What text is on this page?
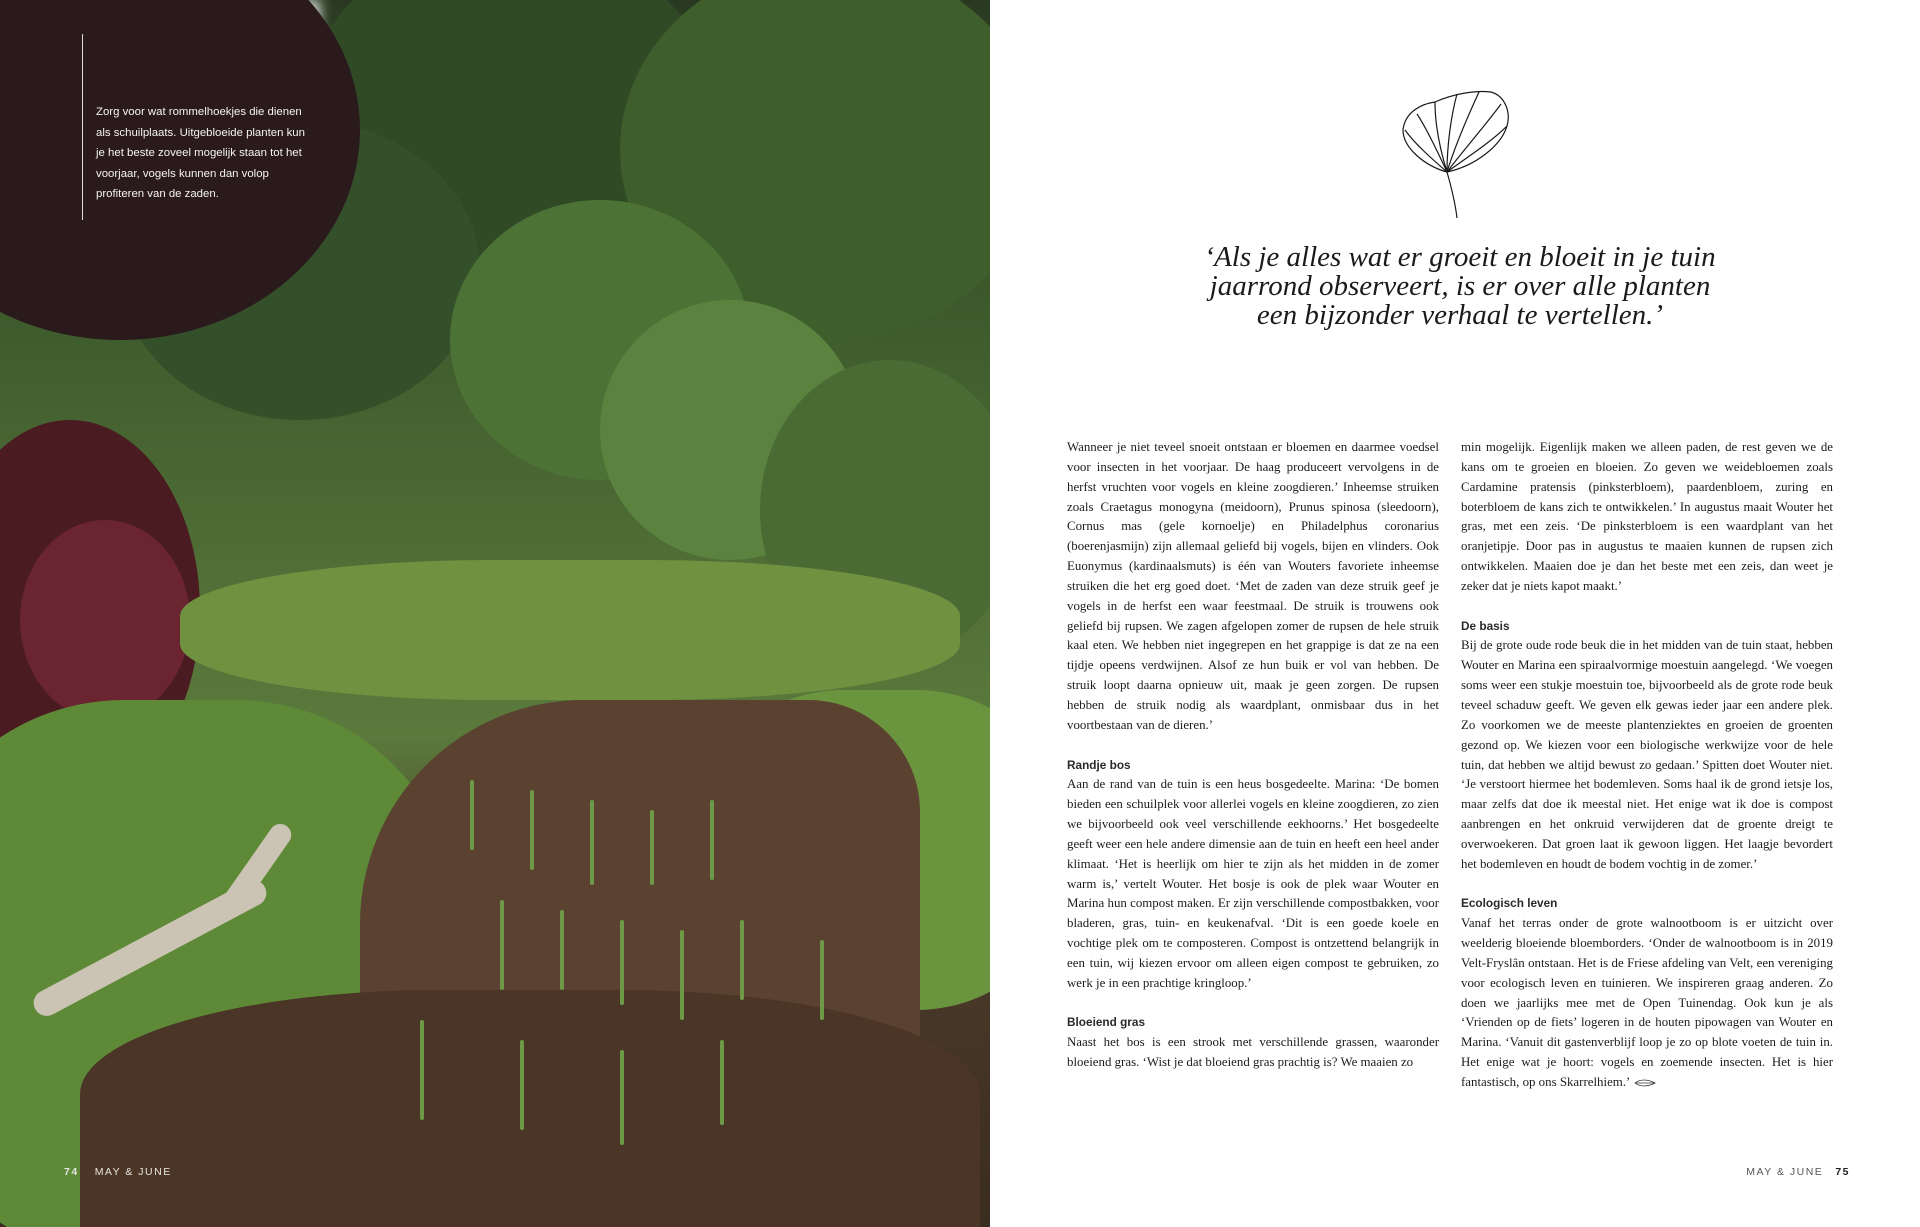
Zorg voor wat rommelhoekjes die dienen als schuilplaats. Uitgebloeide planten kun je het beste zoveel mogelijk staan tot het voorjaar, vogels kunnen dan volop profiteren van de zaden.
74 MAY & JUNE
‘Als je alles wat er groeit en bloeit in je tuin
jaarrond observeert, is er over alle planten
een bijzonder verhaal te vertellen.’

Wanneer je niet teveel snoeit ontstaan er bloemen en daarmee voedsel voor insecten in het voorjaar. De haag produceert vervolgens in de herfst vruchten voor vogels en kleine zoogdieren.’ Inheemse struiken zoals Craetagus monogyna (meidoorn), Prunus spinosa (sleedoorn), Cornus mas (gele kornoelje) en Philadelphus coronarius (boerenjasmijn) zijn allemaal geliefd bij vogels, bijen en vlinders. Ook Euonymus (kardinaalsmuts) is één van Wouters favoriete inheemse struiken die het erg goed doet. ‘Met de zaden van deze struik geef je vogels in de herfst een waar feestmaal. De struik is trouwens ook geliefd bij rupsen. We zagen afgelopen zomer de rupsen de hele struik kaal eten. We hebben niet ingegrepen en het grappige is dat ze na een tijdje opeens verdwijnen. Alsof ze hun buik er vol van hebben. De struik loopt daarna opnieuw uit, maak je geen zorgen. De rupsen hebben de struik nodig als waardplant, onmisbaar dus in het voortbestaan van de dieren.’

Randje bos

Aan de rand van de tuin is een heus bosgedeelte. Marina: ‘De bomen bieden een schuilplek voor allerlei vogels en kleine zoogdieren, zo zien we bijvoorbeeld ook veel verschillende eekhoorns.’ Het bosgedeelte geeft weer een hele andere dimensie aan de tuin en heeft een heel ander klimaat. ‘Het is heerlijk om hier te zijn als het midden in de zomer warm is,’ vertelt Wouter. Het bosje is ook de plek waar Wouter en Marina hun compost maken. Er zijn verschillende compostbakken, voor bladeren, gras, tuin- en keukenafval. ‘Dit is een goede koele en vochtige plek om te composteren. Compost is ontzettend belangrijk in een tuin, wij kiezen ervoor om alleen eigen compost te gebruiken, zo werk je in een prachtige kringloop.’

Bloeiend gras

Naast het bos is een strook met verschillende grassen, waaronder bloeiend gras. ‘Wist je dat bloeiend gras prachtig is? We maaien zo

min mogelijk. Eigenlijk maken we alleen paden, de rest geven we de kans om te groeien en bloeien. Zo geven we weidebloemen zoals Cardamine pratensis (pinksterbloem), paardenbloem, zuring en boterbloem de kans zich te ontwikkelen.’ In augustus maait Wouter het gras, met een zeis. ‘De pinksterbloem is een waardplant van het oranjetipje. Door pas in augustus te maaien kunnen de rupsen zich ontwikkelen. Maaien doe je dan het beste met een zeis, dan weet je zeker dat je niets kapot maakt.’

De basis

Bij de grote oude rode beuk die in het midden van de tuin staat, hebben Wouter en Marina een spiraalvormige moestuin aangelegd. ‘We voegen soms weer een stukje moestuin toe, bijvoorbeeld als de grote rode beuk teveel schaduw geeft. We geven elk gewas ieder jaar een andere plek. Zo voorkomen we de meeste plantenziektes en groeien de groenten gezond op. We kiezen voor een biologische werkwijze voor de hele tuin, dat hebben we altijd bewust zo gedaan.’ Spitten doet Wouter niet. ‘Je verstoort hiermee het bodemleven. Soms haal ik de grond ietsje los, maar zelfs dat doe ik meestal niet. Het enige wat ik doe is compost aanbrengen en het onkruid verwijderen dat de groente dreigt te overwoekeren. Dat groen laat ik gewoon liggen. Het laagje bevordert het bodemleven en houdt de bodem vochtig in de zomer.’

Ecologisch leven

Vanaf het terras onder de grote walnootboom is er uitzicht over weelderig bloeiende bloemborders. ‘Onder de walnootboom is in 2019 Velt-Fryslân ontstaan. Het is de Friese afdeling van Velt, een vereniging voor ecologisch leven en tuinieren. We inspireren graag anderen. Zo doen we jaarlijks mee met de Open Tuinendag. Ook kun je als ‘Vrienden op de fiets’ logeren in de houten pipowagen van Wouter en Marina. ‘Vanuit dit gastenverblijf loop je zo op blote voeten de tuin in. Het enige wat je hoort: vogels en zoemende insecten. Het is hier fantastisch, op ons Skarrelhiem.’

MAY & JUNE 75
